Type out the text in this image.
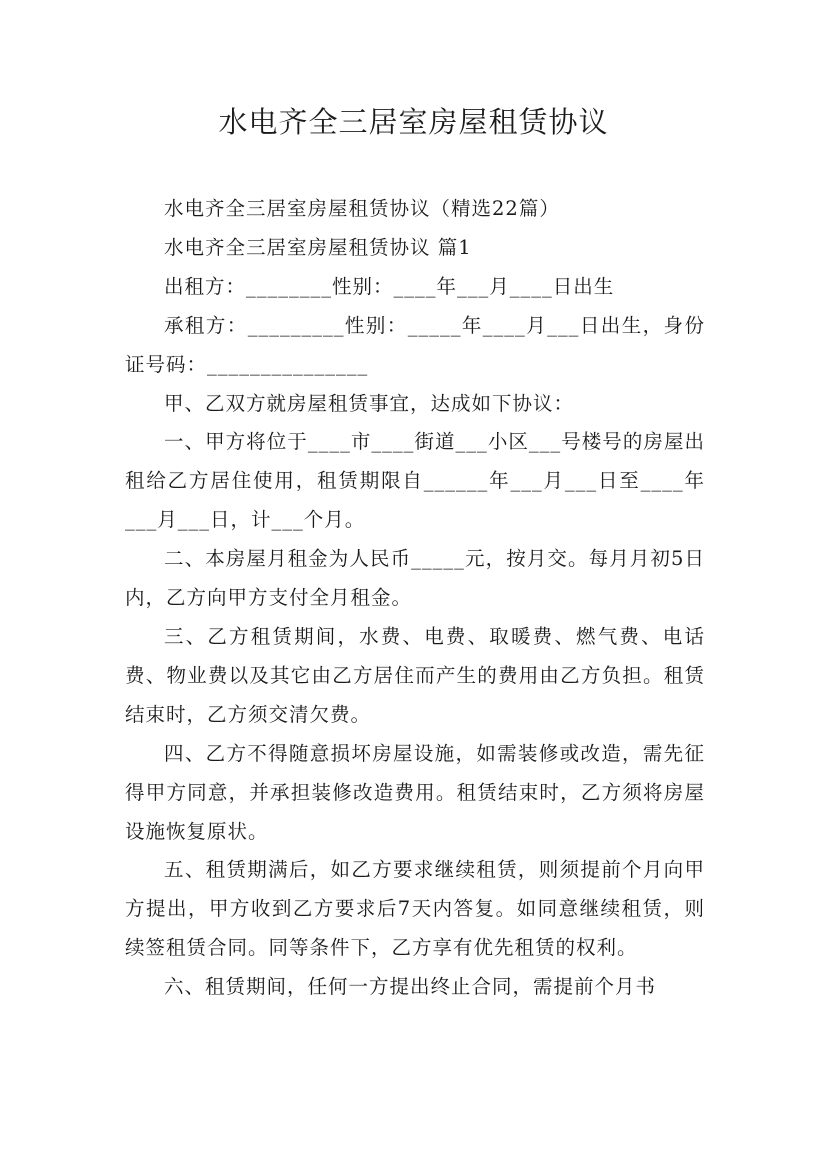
水电齐全三居室房屋租赁协议

水电齐全三居室房屋租赁协议（精选22篇）

水电齐全三居室房屋租赁协议 篇1

出租方：________性别：____年___月____日出生

承租方：_________性别：_____年____月___日出生，身份证号码：_______________

甲、乙双方就房屋租赁事宜，达成如下协议：

一、甲方将位于____市____街道___小区___号楼号的房屋出租给乙方居住使用，租赁期限自______年___月___日至____年___月___日，计___个月。

二、本房屋月租金为人民币_____元，按月交。每月月初5日内，乙方向甲方支付全月租金。

三、乙方租赁期间，水费、电费、取暖费、燃气费、电话费、物业费以及其它由乙方居住而产生的费用由乙方负担。租赁结束时，乙方须交清欠费。

四、乙方不得随意损坏房屋设施，如需装修或改造，需先征得甲方同意，并承担装修改造费用。租赁结束时，乙方须将房屋设施恢复原状。

五、租赁期满后，如乙方要求继续租赁，则须提前个月向甲方提出，甲方收到乙方要求后7天内答复。如同意继续租赁，则续签租赁合同。同等条件下，乙方享有优先租赁的权利。

六、租赁期间，任何一方提出终止合同，需提前个月书
